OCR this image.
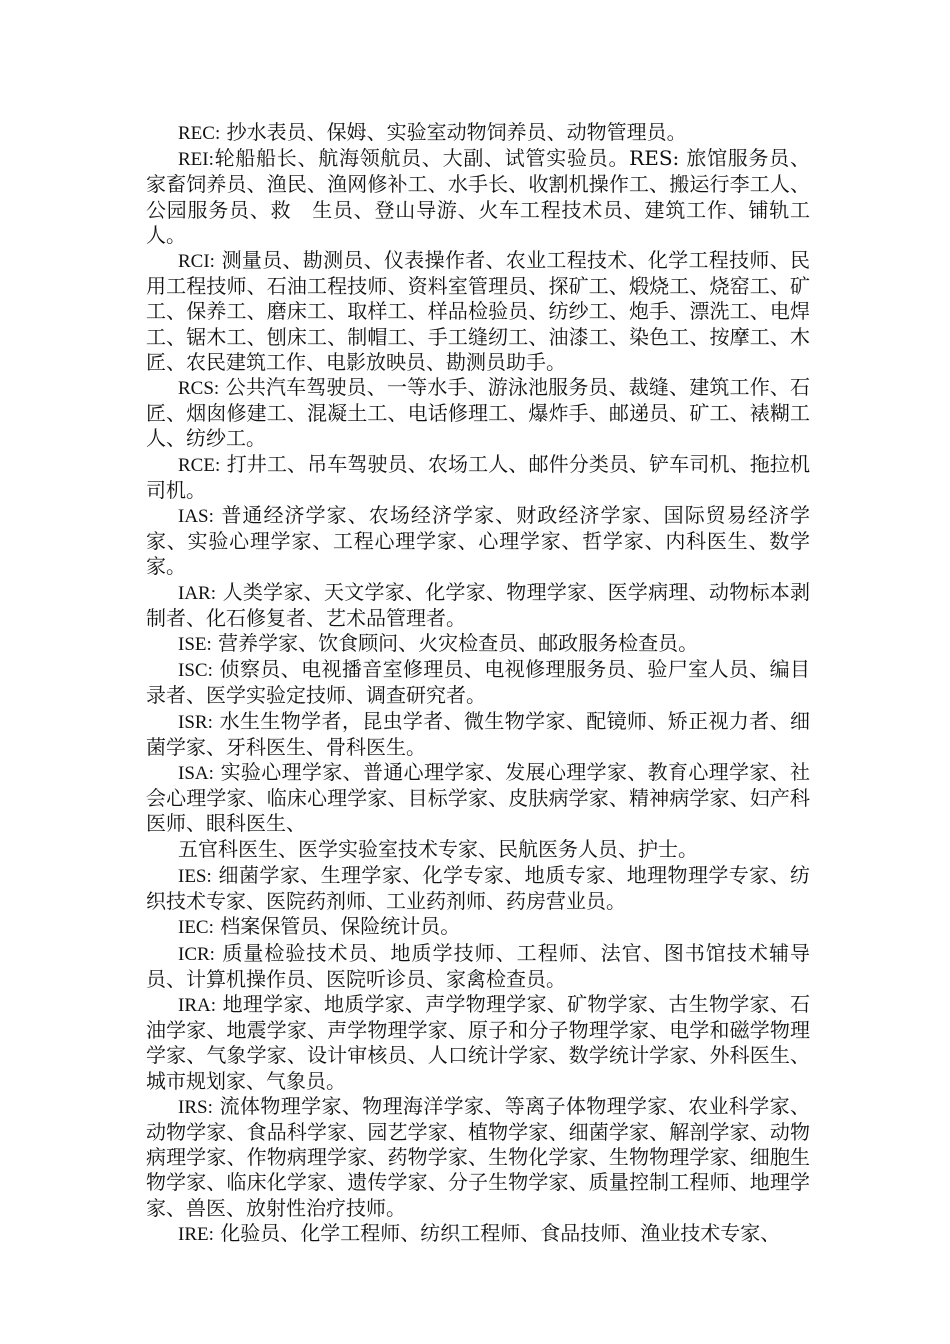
REC: 抄水表员、保姆、实验室动物饲养员、动物管理员。

REI:轮船船长、航海领航员、大副、试管实验员。RES: 旅馆服务员、家畜饲养员、渔民、渔网修补工、水手长、收割机操作工、搬运行李工人、公园服务员、救　生员、登山导游、火车工程技术员、建筑工作、铺轨工人。

RCI: 测量员、勘测员、仪表操作者、农业工程技术、化学工程技师、民用工程技师、石油工程技师、资料室管理员、探矿工、煅烧工、烧窑工、矿工、保养工、磨床工、取样工、样品检验员、纺纱工、炮手、漂洗工、电焊工、锯木工、刨床工、制帽工、手工缝纫工、油漆工、染色工、按摩工、木匠、农民建筑工作、电影放映员、勘测员助手。

RCS: 公共汽车驾驶员、一等水手、游泳池服务员、裁缝、建筑工作、石匠、烟囱修建工、混凝土工、电话修理工、爆炸手、邮递员、矿工、裱糊工人、纺纱工。

RCE: 打井工、吊车驾驶员、农场工人、邮件分类员、铲车司机、拖拉机司机。

IAS: 普通经济学家、农场经济学家、财政经济学家、国际贸易经济学家、实验心理学家、工程心理学家、心理学家、哲学家、内科医生、数学家。

IAR: 人类学家、天文学家、化学家、物理学家、医学病理、动物标本剥制者、化石修复者、艺术品管理者。

ISE: 营养学家、饮食顾问、火灾检查员、邮政服务检查员。

ISC: 侦察员、电视播音室修理员、电视修理服务员、验尸室人员、编目录者、医学实验定技师、调查研究者。

ISR: 水生生物学者，昆虫学者、微生物学家、配镜师、矫正视力者、细菌学家、牙科医生、骨科医生。

ISA: 实验心理学家、普通心理学家、发展心理学家、教育心理学家、社会心理学家、临床心理学家、目标学家、皮肤病学家、精神病学家、妇产科医师、眼科医生、

五官科医生、医学实验室技术专家、民航医务人员、护士。

IES: 细菌学家、生理学家、化学专家、地质专家、地理物理学专家、纺织技术专家、医院药剂师、工业药剂师、药房营业员。

IEC: 档案保管员、保险统计员。

ICR: 质量检验技术员、地质学技师、工程师、法官、图书馆技术辅导员、计算机操作员、医院听诊员、家禽检查员。

IRA: 地理学家、地质学家、声学物理学家、矿物学家、古生物学家、石油学家、地震学家、声学物理学家、原子和分子物理学家、电学和磁学物理学家、气象学家、设计审核员、人口统计学家、数学统计学家、外科医生、城市规划家、气象员。

IRS: 流体物理学家、物理海洋学家、等离子体物理学家、农业科学家、动物学家、食品科学家、园艺学家、植物学家、细菌学家、解剖学家、动物病理学家、作物病理学家、药物学家、生物化学家、生物物理学家、细胞生物学家、临床化学家、遗传学家、分子生物学家、质量控制工程师、地理学家、兽医、放射性治疗技师。

IRE: 化验员、化学工程师、纺织工程师、食品技师、渔业技术专家、
